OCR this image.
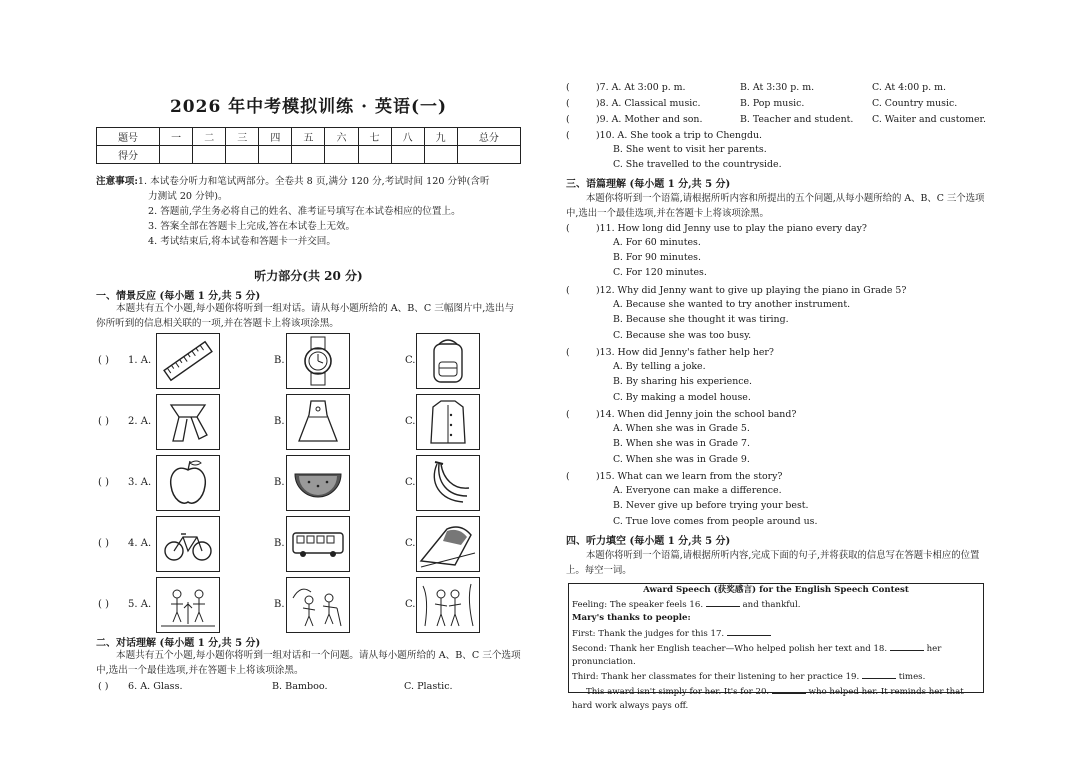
2026 年中考模拟训练 · 英语(一)
题号	一	二	三	四	五	六	七	八	九	总分
得分										
注意事项: 1. 本试卷分听力和笔试两部分。全卷共 8 页,满分 120 分,考试时间 120 分钟(含听
力测试 20 分钟)。
2. 答题前,学生务必将自己的姓名、准考证号填写在本试卷相应的位置上。
3. 答案全部在答题卡上完成,答在本试卷上无效。
4. 考试结束后,将本试卷和答题卡一并交回。
听力部分(共 20 分)
一、情景反应 (每小题 1 分,共 5 分)
本题共有五个小题,每小题你将听到一组对话。请从每小题所给的 A、B、C 三幅图片中,选出与你所听到的信息相关联的一项,并在答题卡上将该项涂黑。
( ) 1. A.	B.	C.
( ) 2. A.	B.	C.
( ) 3. A.	B.	C.
( ) 4. A.	B.	C.
( ) 5. A.	B.	C.
二、对话理解 (每小题 1 分,共 5 分)
本题共有五个小题,每小题你将听到一组对话和一个问题。请从每小题所给的 A、B、C 三个选项中,选出一个最佳选项,并在答题卡上将该项涂黑。
( ) 6. A. Glass.	B. Bamboo.	C. Plastic.
(	)7. A. At 3:00 p. m.	B. At 3:30 p. m.	C. At 4:00 p. m.
(	)8. A. Classical music.	B. Pop music.	C. Country music.
(	)9. A. Mother and son.	B. Teacher and student. C. Waiter and customer.
(	)10. A. She took a trip to Chengdu.
B. She went to visit her parents.
C. She travelled to the countryside.
三、语篇理解 (每小题 1 分,共 5 分)
本题你将听到一个语篇,请根据所听内容和所提出的五个问题,从每小题所给的 A、B、C 三个选项中,选出一个最佳选项,并在答题卡上将该项涂黑。
(	)11. How long did Jenny use to play the piano every day?
A. For 60 minutes.
B. For 90 minutes.
C. For 120 minutes.
(	)12. Why did Jenny want to give up playing the piano in Grade 5?
A. Because she wanted to try another instrument.
B. Because she thought it was tiring.
C. Because she was too busy.
(	)13. How did Jenny's father help her?
A. By telling a joke.
B. By sharing his experience.
C. By making a model house.
(	)14. When did Jenny join the school band?
A. When she was in Grade 5.
B. When she was in Grade 7.
C. When she was in Grade 9.
(	)15. What can we learn from the story?
A. Everyone can make a difference.
B. Never give up before trying your best.
C. True love comes from people around us.
四、听力填空 (每小题 1 分,共 5 分)
本题你将听到一个语篇,请根据所听内容,完成下面的句子,并将获取的信息写在答题卡相应的位置上。每空一词。
Award Speech (获奖感言) for the English Speech Contest
Feeling: The speaker feels 16.	and thankful.
Mary's thanks to people:
First: Thank the judges for this 17.
Second: Thank her English teacher—Who helped polish her text and 18.	her pronunciation.
Third: Thank her classmates for their listening to her practice 19.	times.
This award isn't simply for her. It's for 20.	who helped her. It reminds her that hard work always pays off.
